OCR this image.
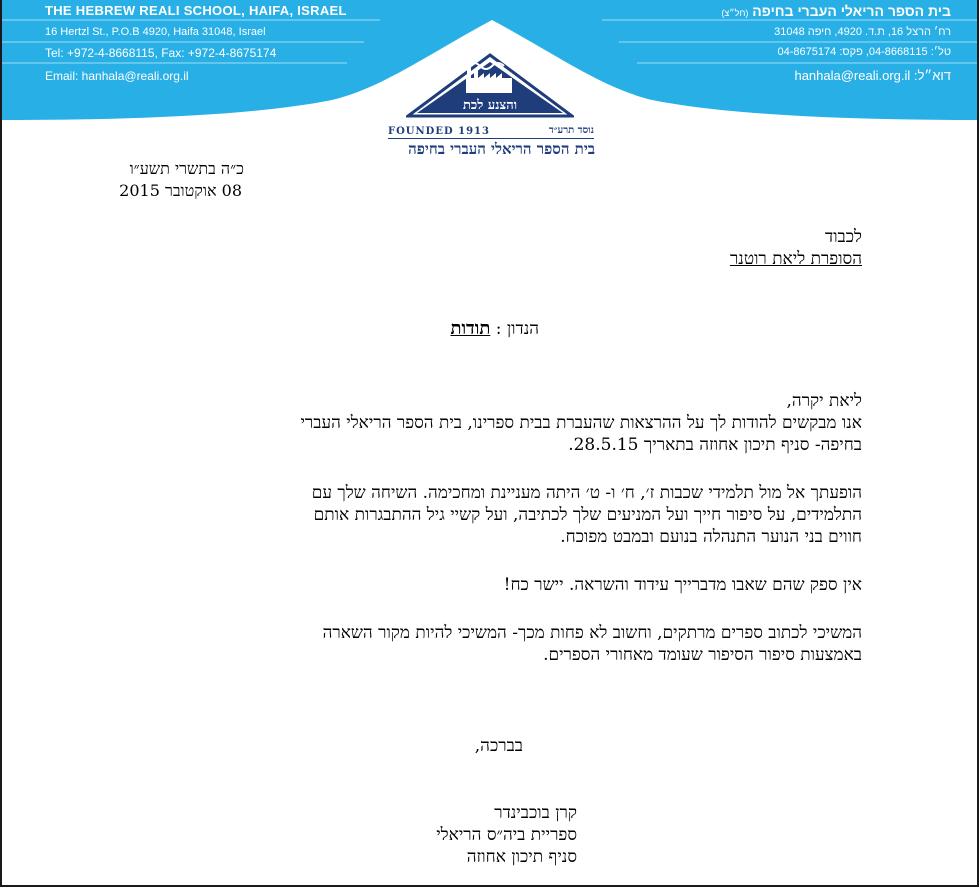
THE HEBREW REALI SCHOOL, HAIFA, ISRAEL
16 Hertzl St., P.O.B 4920, Haifa 31048, Israel
Tel: +972-4-8668115, Fax: +972-4-8675174
Email: hanhala@reali.org.il
בית הספר הריאלי העברי בחיפה (חל״צ)
רח׳ הרצל 16, ת.ד. 4920, חיפה 31048
טל׳: 04-8668115, פקס: 04-8675174
דוא״ל: hanhala@reali.org.il
והצנע לכת
FOUNDED 1913	נוסד תרע״ד
בית הספר הריאלי העברי בחיפה
כ״ה בתשרי תשע״ו
08 אוקטובר 2015
לכבוד
הסופרת ליאת רוטנר
הנדון : תודות
ליאת יקרה,
אנו מבקשים להודות לך על ההרצאות שהעברת בבית ספרינו, בית הספר הריאלי העברי
בחיפה- סניף תיכון אחוזה בתאריך 28.5.15.
הופעתך אל מול תלמידי שכבות ז׳, ח׳ ו- ט׳ היתה מעניינת ומחכימה. השיחה שלך עם
התלמידים, על סיפור חייך ועל המניעים שלך לכתיבה, ועל קשיי גיל ההתבגרות אותם
חווים בני הנוער התנהלה בנועם ובמבט מפוכח.
אין ספק שהם שאבו מדברייך עידוד והשראה. יישר כח!
המשיכי לכתוב ספרים מרתקים, וחשוב לא פחות מכך- המשיכי להיות מקור השארה
באמצעות סיפור הסיפור שעומד מאחורי הספרים.
בברכה,
קרן בוכבינדר
ספריית ביה״ס הריאלי
סניף תיכון אחוזה
